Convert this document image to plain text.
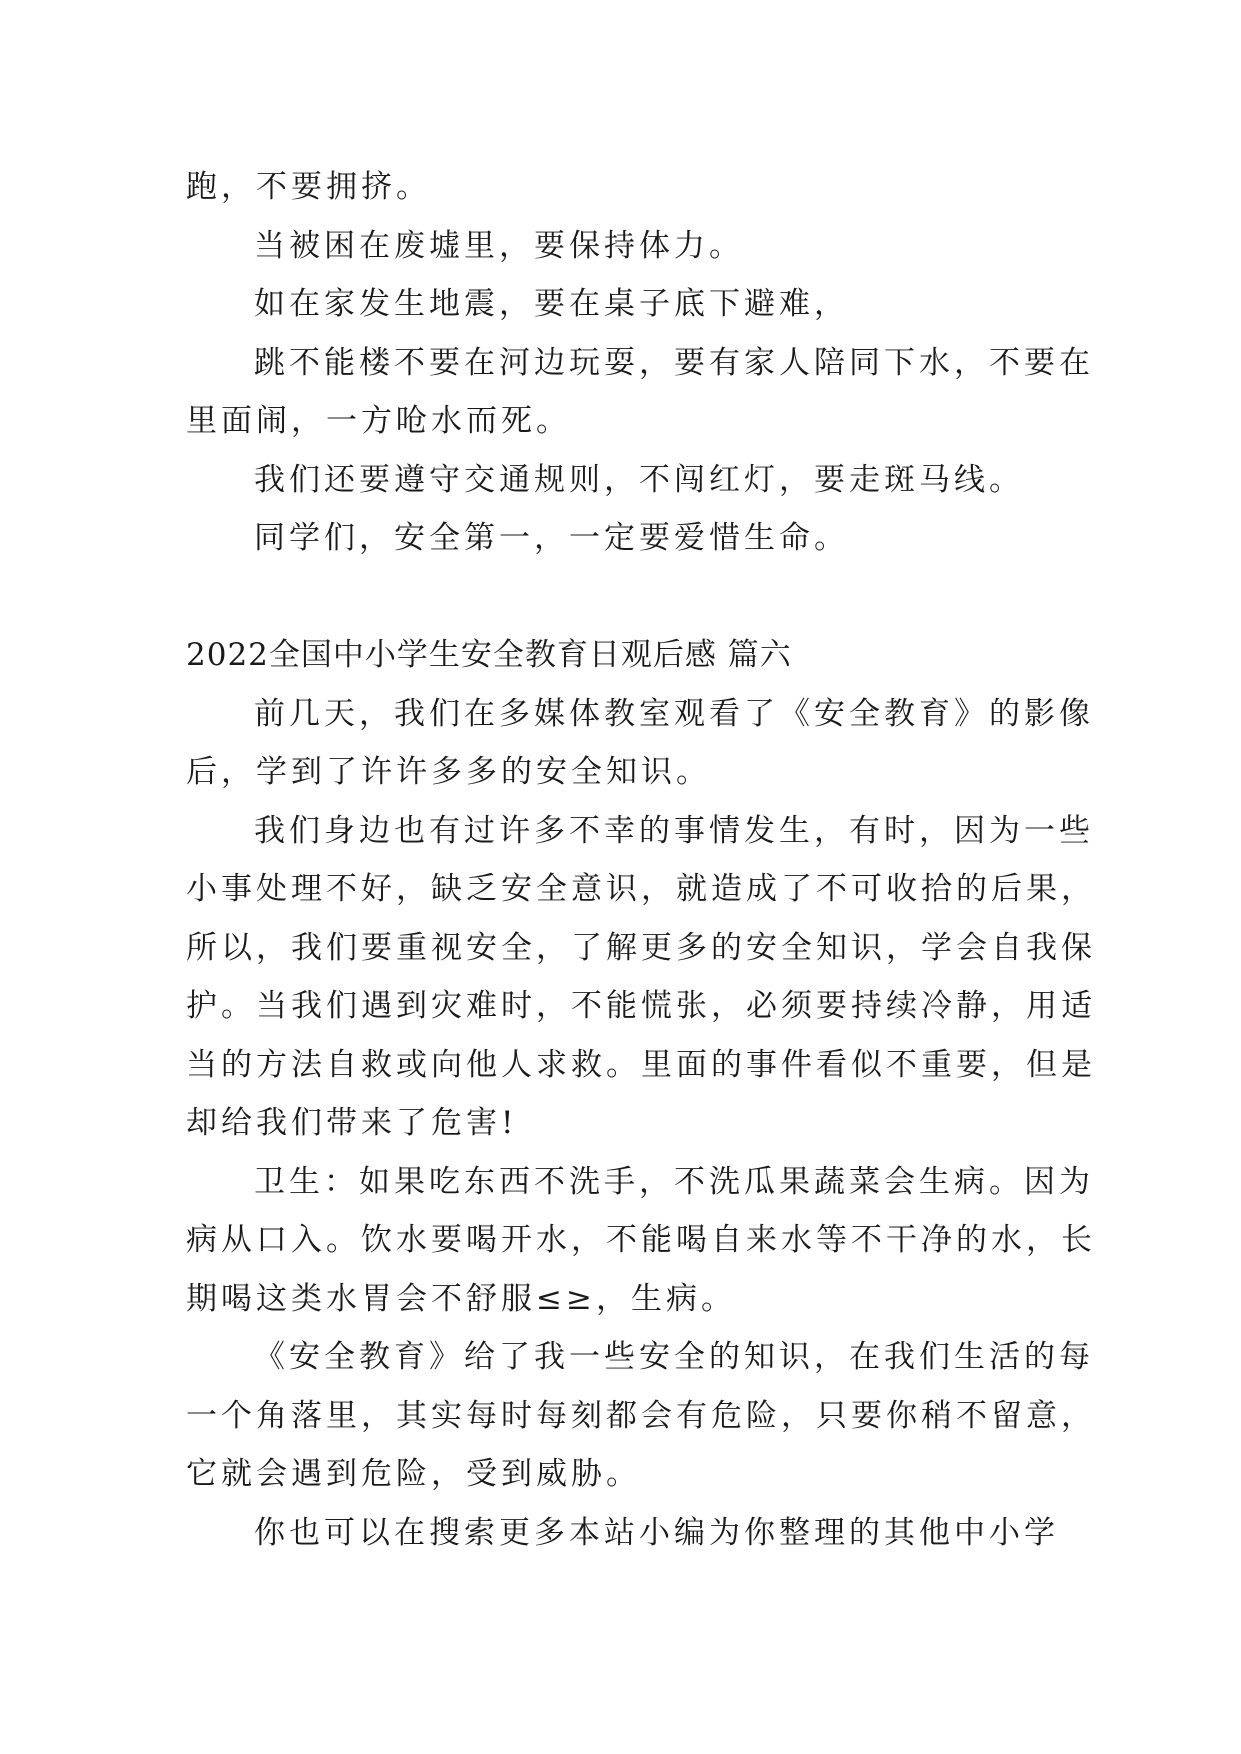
跑，不要拥挤。

当被困在废墟里，要保持体力。

如在家发生地震，要在桌子底下避难，

跳不能楼不要在河边玩耍，要有家人陪同下水，不要在

里面闹，一方呛水而死。

我们还要遵守交通规则，不闯红灯，要走斑马线。

同学们，安全第一，一定要爱惜生命。

2022全国中小学生安全教育日观后感 篇六

前几天，我们在多媒体教室观看了《安全教育》的影像

后，学到了许许多多的安全知识。

我们身边也有过许多不幸的事情发生，有时，因为一些

小事处理不好，缺乏安全意识，就造成了不可收拾的后果，

所以，我们要重视安全，了解更多的安全知识，学会自我保

护。当我们遇到灾难时，不能慌张，必须要持续冷静，用适

当的方法自救或向他人求救。里面的事件看似不重要，但是

却给我们带来了危害!

卫生：如果吃东西不洗手，不洗瓜果蔬菜会生病。因为

病从口入。饮水要喝开水，不能喝自来水等不干净的水，长

期喝这类水胃会不舒服≤≥，生病。

《安全教育》给了我一些安全的知识，在我们生活的每

一个角落里，其实每时每刻都会有危险，只要你稍不留意，

它就会遇到危险，受到威胁。

你也可以在搜索更多本站小编为你整理的其他中小学
